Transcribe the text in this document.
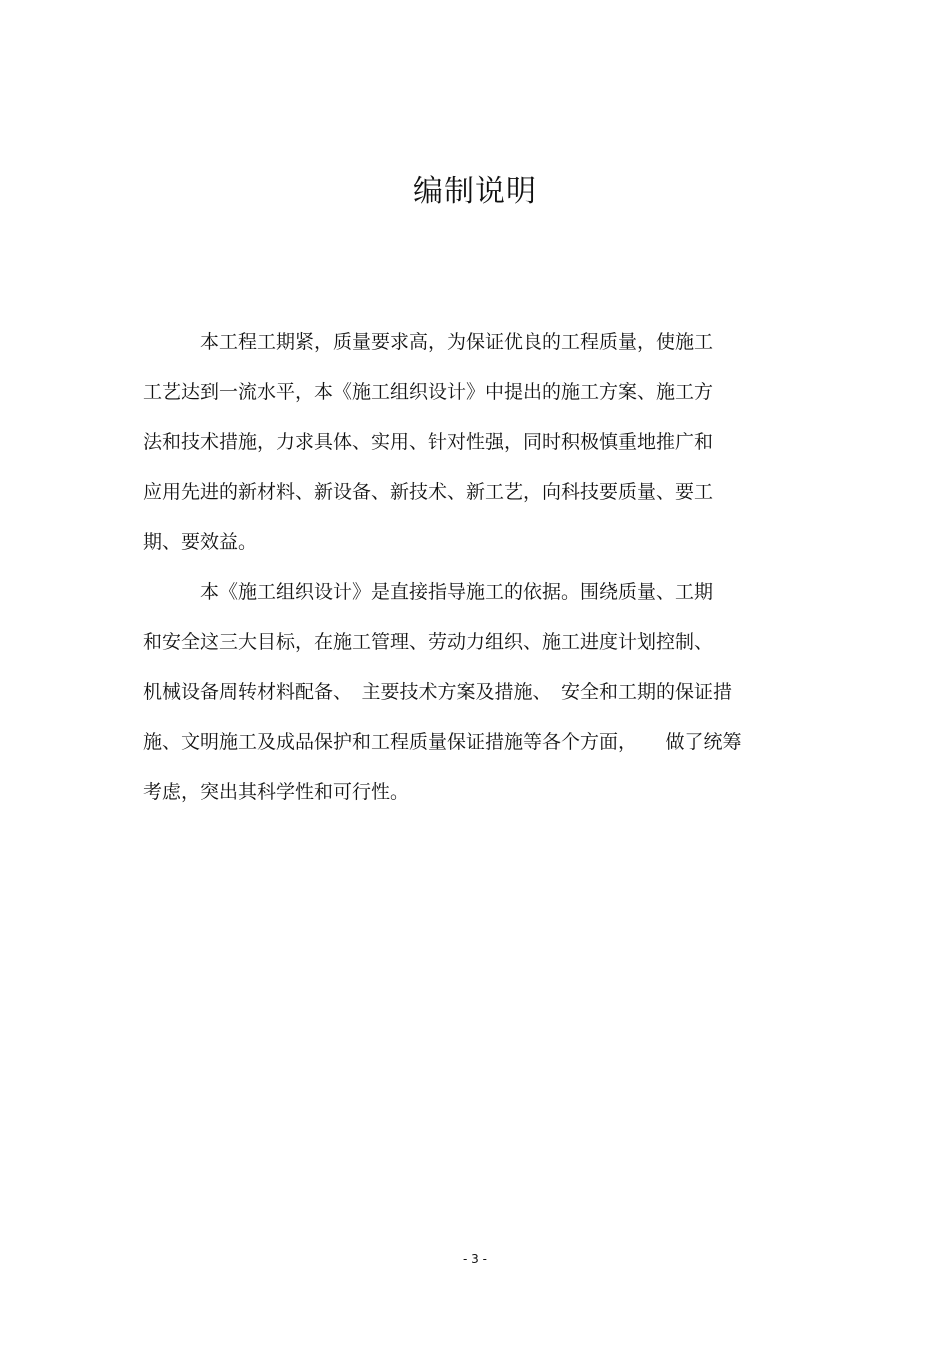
编制说明
　　　本工程工期紧，质量要求高，为保证优良的工程质量，使施工
工艺达到一流水平，本《施工组织设计》中提出的施工方案、施工方
法和技术措施，力求具体、实用、针对性强，同时积极慎重地推广和
应用先进的新材料、新设备、新技术、新工艺，向科技要质量、要工
期、要效益。
　　　本《施工组织设计》是直接指导施工的依据。围绕质量、工期
和安全这三大目标，在施工管理、劳动力组织、施工进度计划控制、
机械设备周转材料配备、　主要技术方案及措施、　安全和工期的保证措
施、文明施工及成品保护和工程质量保证措施等各个方面，　　做了统筹
考虑，突出其科学性和可行性。
- 3 -
